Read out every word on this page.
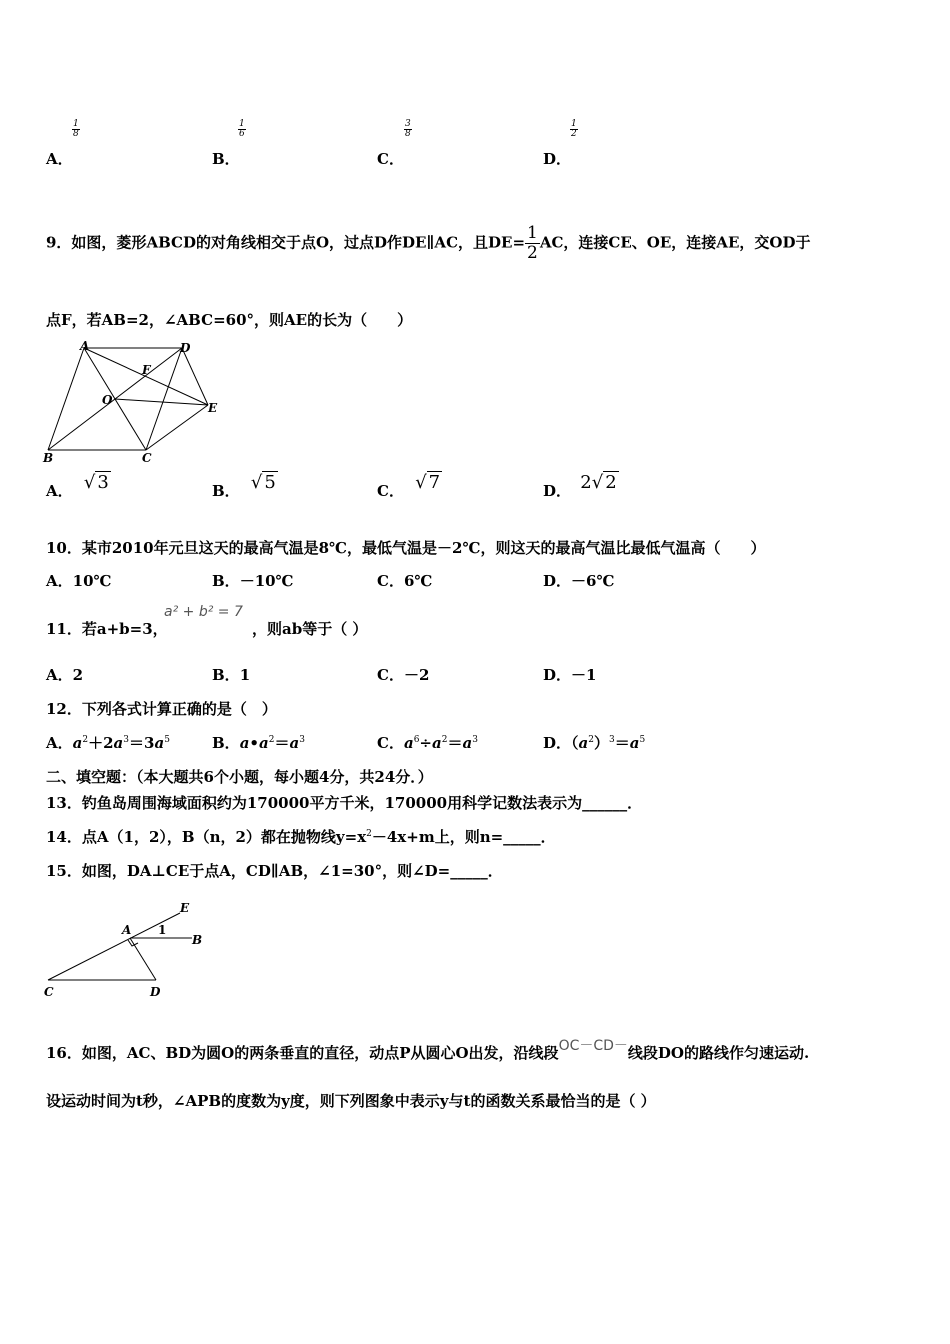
$\frac{1}{8}$
A．
$\frac{1}{6}$
B．
$\frac{3}{8}$
C．
$\frac{1}{2}$
D．
9．如图，菱形ABCD的对角线相交于点O，过点D作DE∥AC，且$DE= \frac{1}{2}$ AC，连接CE、OE，连接AE，交OD于
点F，若AB=2，∠ABC=60°，则AE的长为（　　）
A	D
F
O
E
B	C
A． √ 3	B． √ 5	C． √ 7	D． 2√ 2
10．某市2010年元旦这天的最高气温是8℃，最低气温是－2℃，则这天的最高气温比最低气温高（　　）
A．10℃	B．－10℃	C．6℃	D．－6℃
11．若a+b=3，
a² + b² = 7
，则ab等于（ ）
A．2	B．1	C．－2	D．－1
12．下列各式计算正确的是（　）
A．$a^2+2a^3=3a^5$	B．$a•a^2=a^3$	C．$a^6\div a^2=a^3$	D．$(a^2)^3=a^5$
二、填空题：（本大题共6个小题，每小题4分，共24分．）
13．钓鱼岛周围海域面积约为170000平方千米，170000用科学记数法表示为______．
14．点A（1，2），B（n，2）都在抛物线$y=x^2-4x+m$上，则n=_____．
15．如图，DA⊥CE于点A，CD∥AB，∠1=30°，则∠D=_____．
E
A 1
B
C	D
16．如图，AC、BD为圆O的两条垂直的直径，动点P从圆心O出发，沿线段OC－CD－线段DO的路线作匀速运动.
设运动时间为t秒，∠APB的度数为y度，则下列图象中表示y与t的函数关系最恰当的是（ ）
